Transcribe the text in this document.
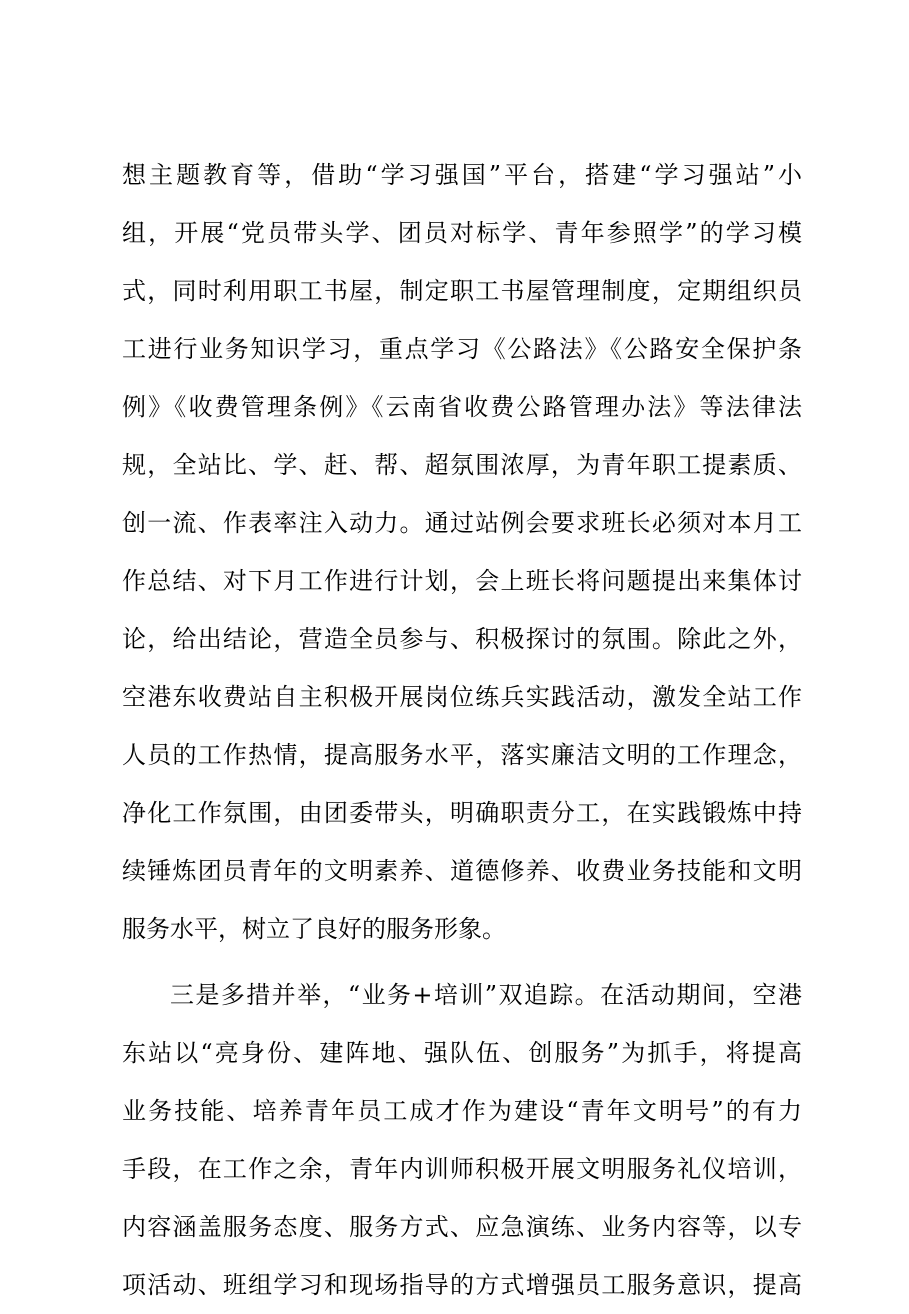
想主题教育等，借助“学习强国”平台，搭建“学习强站”小
组，开展“党员带头学、团员对标学、青年参照学”的学习模
式，同时利用职工书屋，制定职工书屋管理制度，定期组织员
工进行业务知识学习，重点学习《公路法》《公路安全保护条
例》《收费管理条例》《云南省收费公路管理办法》等法律法
规，全站比、学、赶、帮、超氛围浓厚，为青年职工提素质、
创一流、作表率注入动力。通过站例会要求班长必须对本月工
作总结、对下月工作进行计划，会上班长将问题提出来集体讨
论，给出结论，营造全员参与、积极探讨的氛围。除此之外，
空港东收费站自主积极开展岗位练兵实践活动，激发全站工作
人员的工作热情，提高服务水平，落实廉洁文明的工作理念，
净化工作氛围，由团委带头，明确职责分工，在实践锻炼中持
续锤炼团员青年的文明素养、道德修养、收费业务技能和文明
服务水平，树立了良好的服务形象。
三是多措并举，“业务+培训”双追踪。在活动期间，空港
东站以“亮身份、建阵地、强队伍、创服务”为抓手，将提高
业务技能、培养青年员工成才作为建设“青年文明号”的有力
手段，在工作之余，青年内训师积极开展文明服务礼仪培训，
内容涵盖服务态度、服务方式、应急演练、业务内容等，以专
项活动、班组学习和现场指导的方式增强员工服务意识，提高
